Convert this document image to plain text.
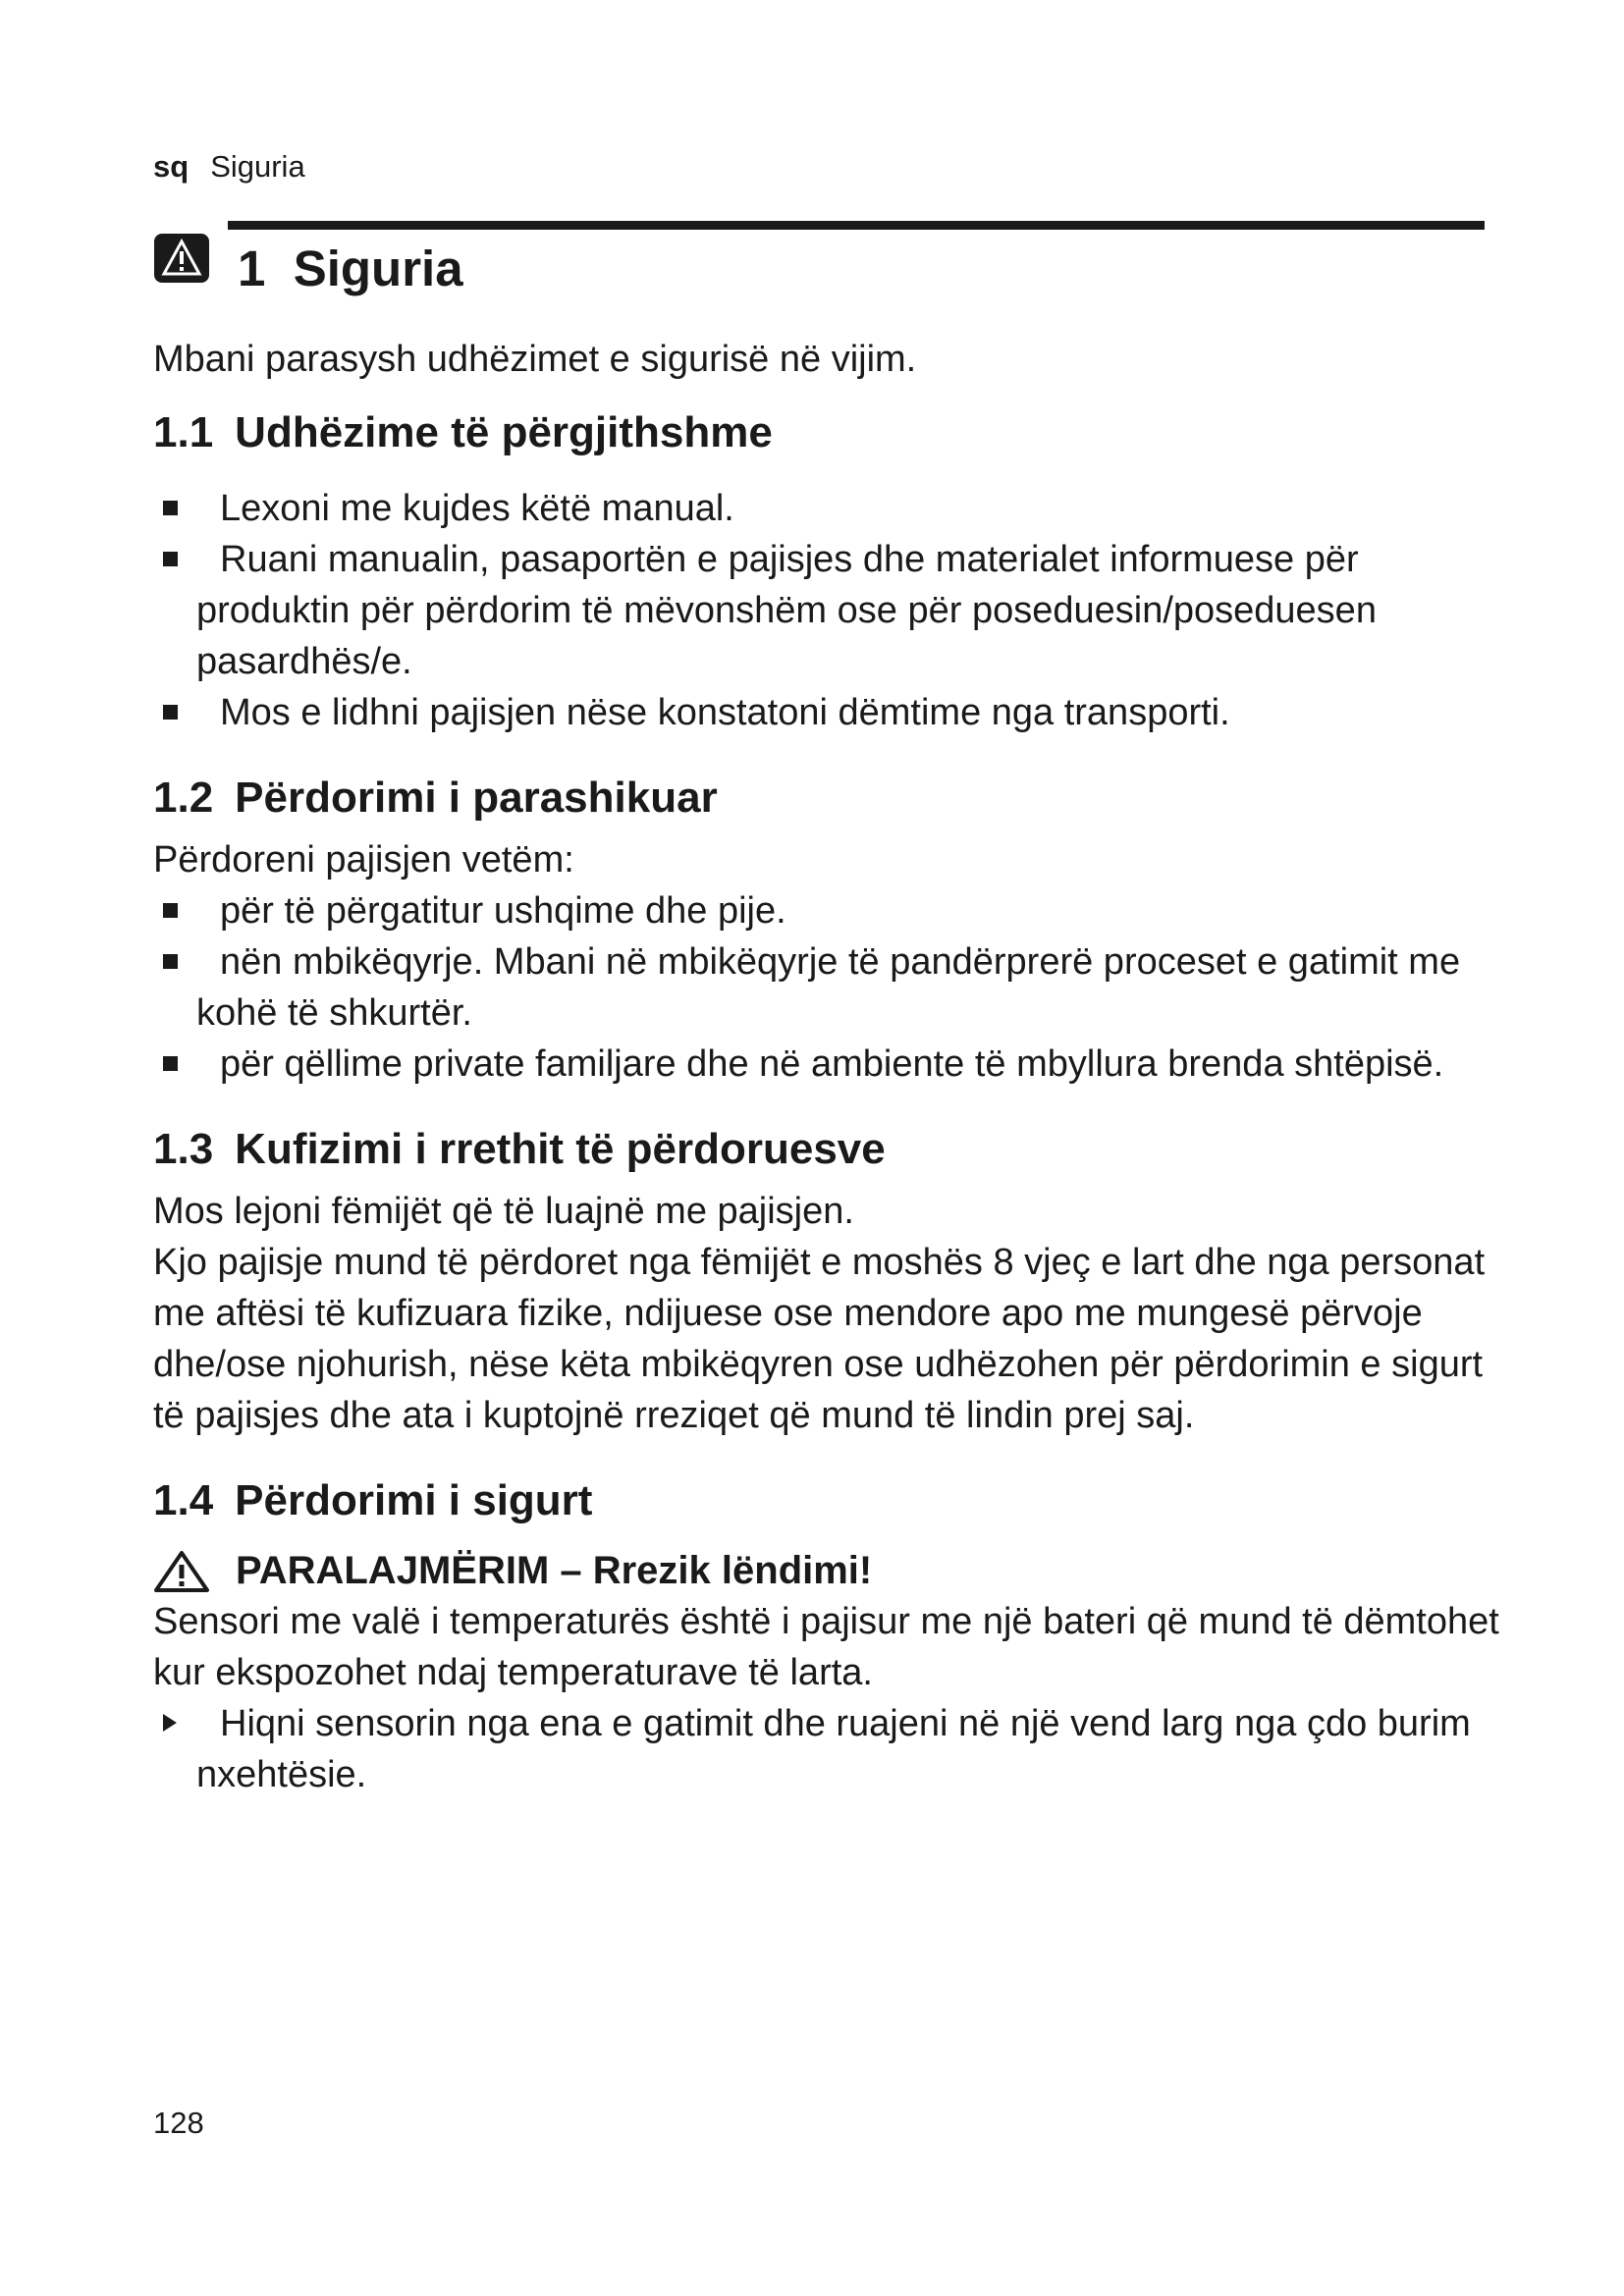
sq Siguria
1  Siguria

Mbani parasysh udhëzimet e sigurisë në vijim.

1.1 Udhëzime të përgjithshme
Lexoni me kujdes këtë manual.
Ruani manualin, pasaportën e pajisjes dhe materialet informuese për produktin për përdorim të mëvonshëm ose për poseduesin/poseduesen pasardhës/e.
Mos e lidhni pajisjen nëse konstatoni dëmtime nga transporti.
1.2 Përdorimi i parashikuar

Përdoreni pajisjen vetëm:

për të përgatitur ushqime dhe pije.
nën mbikëqyrje. Mbani në mbikëqyrje të pandërprerë proceset e gatimit me kohë të shkurtër.
për qëllime private familjare dhe në ambiente të mbyllura brenda shtëpisë.
1.3 Kufizimi i rrethit të përdoruesve

Mos lejoni fëmijët që të luajnë me pajisjen.

Kjo pajisje mund të përdoret nga fëmijët e moshës 8 vjeç e lart dhe nga personat me aftësi të kufizuara fizike, ndijuese ose mendore apo me mungesë përvoje dhe/ose njohurish, nëse këta mbikëqyren ose udhëzohen për përdorimin e sigurt të pajisjes dhe ata i kuptojnë rreziqet që mund të lindin prej saj.

1.4 Përdorimi i sigurt
PARALAJMËRIM – Rrezik lëndimi!

Sensori me valë i temperaturës është i pajisur me një bateri që mund të dëmtohet kur ekspozohet ndaj temperaturave të larta.

Hiqni sensorin nga ena e gatimit dhe ruajeni në një vend larg nga çdo burim nxehtësie.
128
